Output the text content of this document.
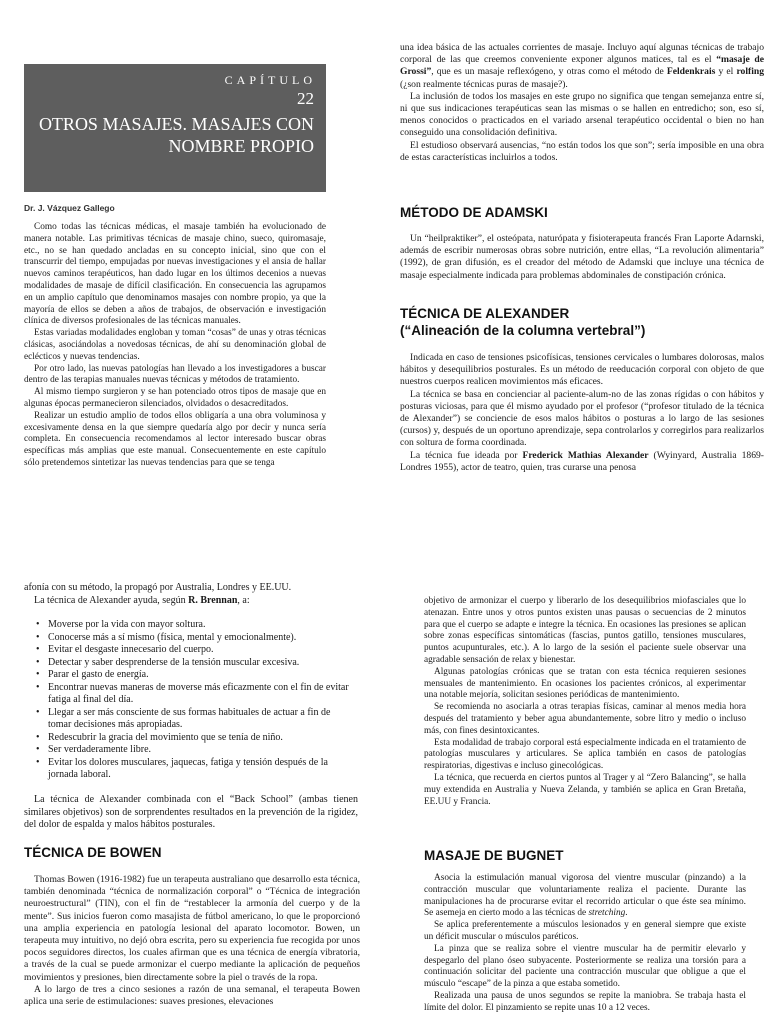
CAPÍTULO
22
OTROS MASAJES. MASAJES CON NOMBRE PROPIO
Dr. J. Vázquez Gallego

Como todas las técnicas médicas, el masaje también ha evolucionado de manera notable. Las primitivas técnicas de masaje chino, sueco, quiromasaje, etc., no se han quedado ancladas en su concepto inicial, sino que con el transcurrir del tiempo, empujadas por nuevas investigaciones y el ansia de hallar nuevos caminos terapéuticos, han dado lugar en los últimos decenios a nuevas modalidades de masaje de difícil clasificación. En consecuencia las agrupamos en un amplio capítulo que denominamos masajes con nombre propio, ya que la mayoría de ellos se deben a años de trabajos, de observación e investigación clínica de diversos profesionales de las técnicas manuales.

Estas variadas modalidades engloban y toman “cosas” de unas y otras técnicas clásicas, asociándolas a novedosas técnicas, de ahí su denominación global de eclécticos y nuevas tendencias.

Por otro lado, las nuevas patologías han llevado a los investigadores a buscar dentro de las terapias manuales nuevas técnicas y métodos de tratamiento.

Al mismo tiempo surgieron y se han potenciado otros tipos de masaje que en algunas épocas permanecieron silenciados, olvidados o desacreditados.

Realizar un estudio amplio de todos ellos obligaría a una obra voluminosa y excesivamente densa en la que siempre quedaría algo por decir y nunca sería completa. En consecuencia recomendamos al lector interesado buscar obras específicas más amplias que este manual. Consecuentemente en este capítulo sólo pretendemos sintetizar las nuevas tendencias para que se tenga

una idea básica de las actuales corrientes de masaje. Incluyo aquí algunas técnicas de trabajo corporal de las que creemos conveniente exponer algunos matices, tal es el “masaje de Grossi”, que es un masaje reflexógeno, y otras como el método de Feldenkrais y el rolfing (¿son realmente técnicas puras de masaje?).

La inclusión de todos los masajes en este grupo no significa que tengan semejanza entre sí, ni que sus indicaciones terapéuticas sean las mismas o se hallen en entredicho; son, eso sí, menos conocidos o practicados en el variado arsenal terapéutico occidental o bien no han conseguido una consolidación definitiva.

El estudioso observará ausencias, “no están todos los que son”; sería imposible en una obra de estas características incluirlos a todos.

MÉTODO DE ADAMSKI

Un “heilpraktiker”, el osteópata, naturópata y fisioterapeuta francés Fran Laporte Adarnski, además de escribir numerosas obras sobre nutrición, entre ellas, “La revolución alimentaria” (1992), de gran difusión, es el creador del método de Adamski que incluye una técnica de masaje especialmente indicada para problemas abdominales de constipación crónica.

TÉCNICA DE ALEXANDER
(“Alineación de la columna vertebral”)

Indicada en caso de tensiones psicofísicas, tensiones cervicales o lumbares dolorosas, malos hábitos y desequilibrios posturales. Es un método de reeducación corporal con objeto de que nuestros cuerpos realicen movimientos más eficaces.

La técnica se basa en concienciar al paciente-alum-no de las zonas rígidas o con hábitos y posturas viciosas, para que él mismo ayudado por el profesor (“profesor titulado de la técnica de Alexander”) se conciencie de esos malos hábitos o posturas a lo largo de las sesiones (cursos) y, después de un oportuno aprendizaje, sepa controlarlos y corregirlos para realizarlos con soltura de forma coordinada.

La técnica fue ideada por Frederick Mathias Alexander (Wyinyard, Australia 1869-Londres 1955), actor de teatro, quien, tras curarse una penosa

afonía con su método, la propagó por Australia, Londres y EE.UU.

La técnica de Alexander ayuda, según R. Brennan, a:

• Moverse por la vida con mayor soltura.
• Conocerse más a sí mismo (física, mental y emocionalmente).
• Evitar el desgaste innecesario del cuerpo.
• Detectar y saber desprenderse de la tensión muscular excesiva.
• Parar el gasto de energía.
• Encontrar nuevas maneras de moverse más eficazmente con el fin de evitar fatiga al final del día.
• Llegar a ser más consciente de sus formas habituales de actuar a fin de tomar decisiones más apropiadas.
• Redescubrir la gracia del movimiento que se tenía de niño.
• Ser verdaderamente libre.
• Evitar los dolores musculares, jaquecas, fatiga y tensión después de la jornada laboral.

La técnica de Alexander combinada con el “Back School” (ambas tienen similares objetivos) son de sorprendentes resultados en la prevención de la rigidez, del dolor de espalda y malos hábitos posturales.

TÉCNICA DE BOWEN

Thomas Bowen (1916-1982) fue un terapeuta australiano que desarrollo esta técnica, también denominada “técnica de normalización corporal” o “Técnica de integración neuroestructural” (TIN), con el fin de “restablecer la armonía del cuerpo y de la mente”. Sus inicios fueron como masajista de fútbol americano, lo que le proporcionó una amplia experiencia en patología lesional del aparato locomotor. Bowen, un terapeuta muy intuitivo, no dejó obra escrita, pero su experiencia fue recogida por unos pocos seguidores directos, los cuales afirman que es una técnica de energía vibratoria, a través de la cual se puede armonizar el cuerpo mediante la aplicación de pequeños movimientos y presiones, bien directamente sobre la piel o través de la ropa.

A lo largo de tres a cinco sesiones a razón de una semanal, el terapeuta Bowen aplica una serie de estimulaciones: suaves presiones, elevaciones

objetivo de armonizar el cuerpo y liberarlo de los desequilibrios miofasciales que lo atenazan. Entre unos y otros puntos existen unas pausas o secuencias de 2 minutos para que el cuerpo se adapte e integre la técnica. En ocasiones las presiones se aplican sobre zonas específicas sintomáticas (fascias, puntos gatillo, tensiones musculares, puntos acupunturales, etc.). A lo largo de la sesión el paciente suele observar una agradable sensación de relax y bienestar.

Algunas patologías crónicas que se tratan con esta técnica requieren sesiones mensuales de mantenimiento. En ocasiones los pacientes crónicos, al experimentar una notable mejoría, solicitan sesiones periódicas de mantenimiento.

Se recomienda no asociarla a otras terapias físicas, caminar al menos media hora después del tratamiento y beber agua abundantemente, sobre litro y medio o incluso más, con fines desintoxicantes.

Esta modalidad de trabajo corporal está especialmente indicada en el tratamiento de patologías musculares y articulares. Se aplica también en casos de patologías respiratorias, digestivas e incluso ginecológicas.

La técnica, que recuerda en ciertos puntos al Trager y al “Zero Balancing”, se halla muy extendida en Australia y Nueva Zelanda, y también se aplica en Gran Bretaña, EE.UU y Francia.

MASAJE DE BUGNET

Asocia la estimulación manual vigorosa del vientre muscular (pinzando) a la contracción muscular que voluntariamente realiza el paciente. Durante las manipulaciones ha de procurarse evitar el recorrido articular o que éste sea mínimo. Se asemeja en cierto modo a las técnicas de stretching.

Se aplica preferentemente a músculos lesionados y en general siempre que existe un déficit muscular o músculos paréticos.

La pinza que se realiza sobre el vientre muscular ha de permitir elevarlo y despegarlo del plano óseo subyacente. Posteriormente se realiza una torsión para a continuación solicitar del paciente una contracción muscular que obligue a que el músculo “escape” de la pinza a que estaba sometido.

Realizada una pausa de unos segundos se repite la maniobra. Se trabaja hasta el límite del dolor. El pinzamiento se repite unas 10 a 12 veces.
